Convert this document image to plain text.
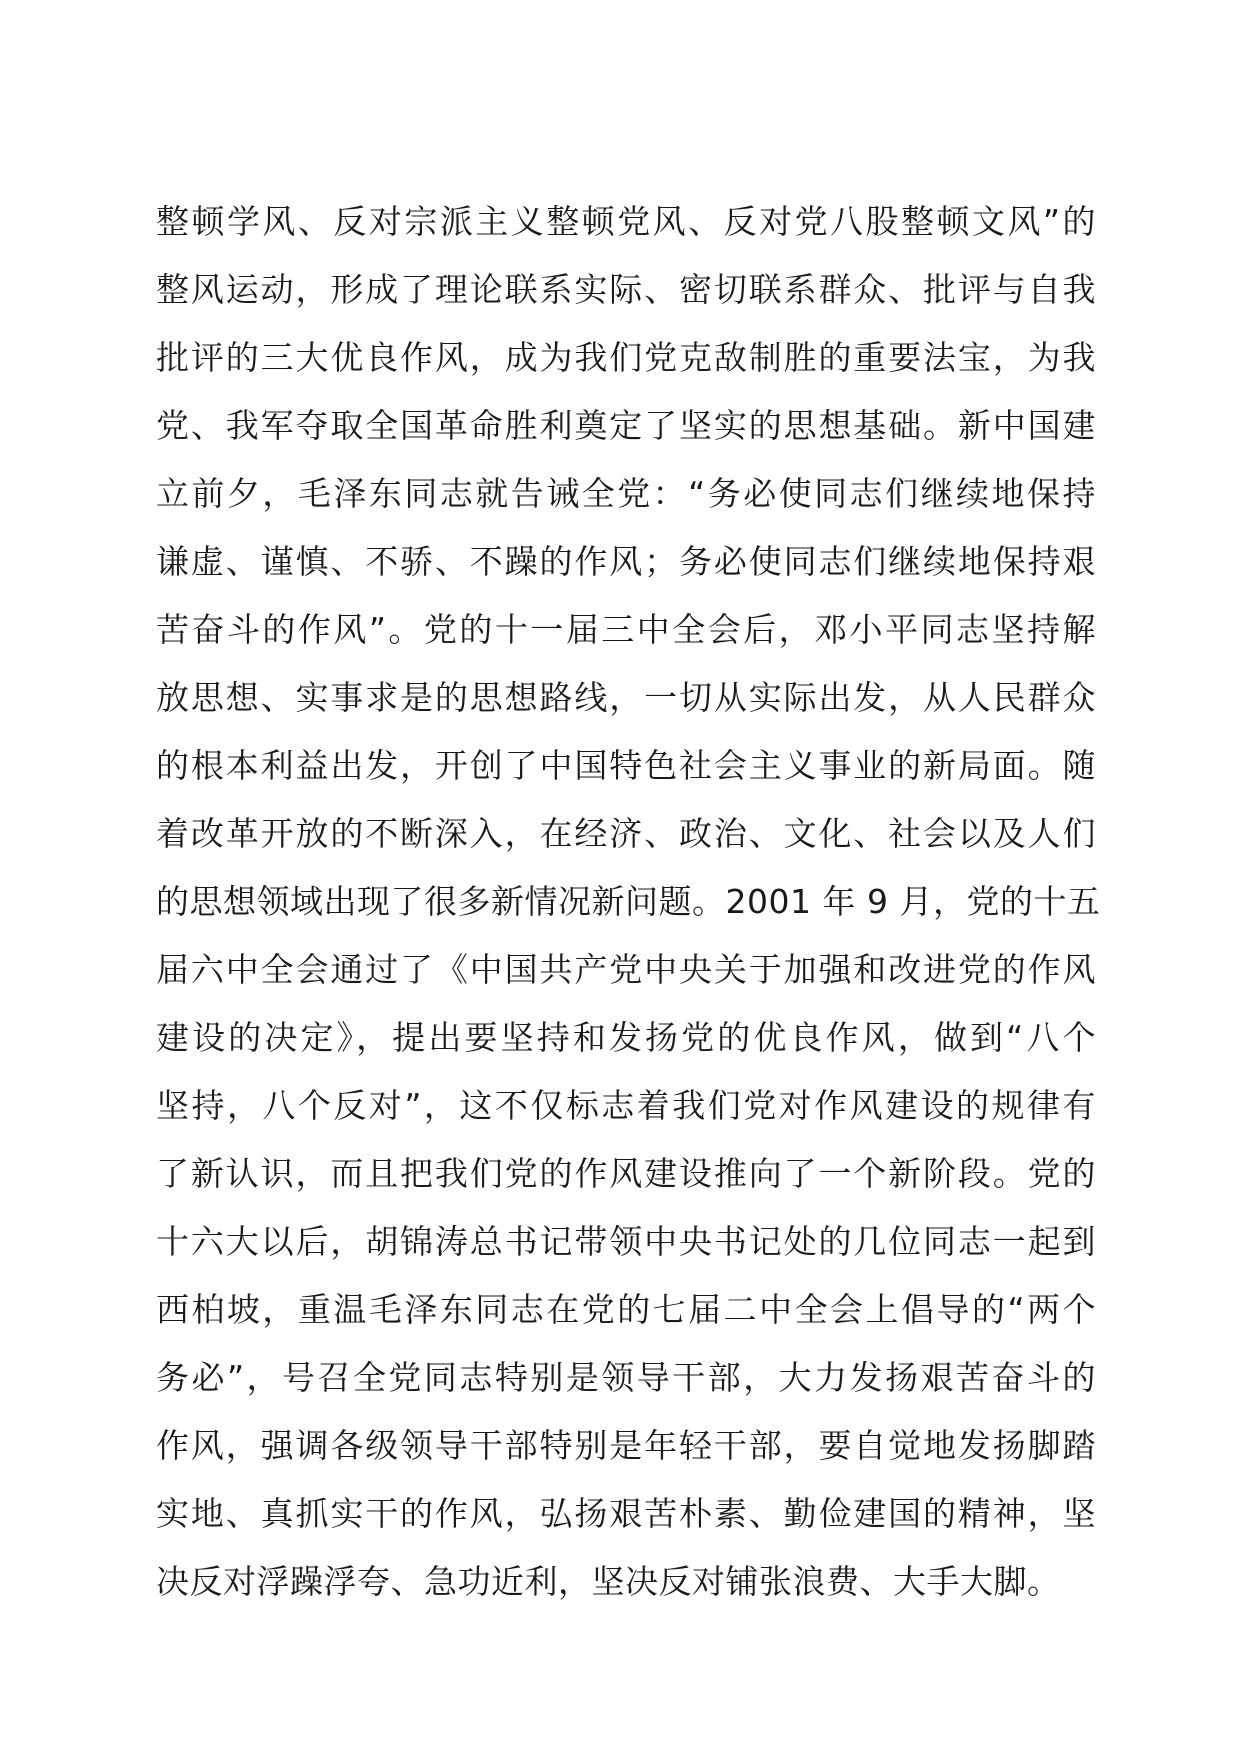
整顿学风、反对宗派主义整顿党风、反对党八股整顿文风”的
整风运动，形成了理论联系实际、密切联系群众、批评与自我
批评的三大优良作风，成为我们党克敌制胜的重要法宝，为我
党、我军夺取全国革命胜利奠定了坚实的思想基础。新中国建
立前夕，毛泽东同志就告诫全党：“务必使同志们继续地保持
谦虚、谨慎、不骄、不躁的作风；务必使同志们继续地保持艰
苦奋斗的作风”。党的十一届三中全会后，邓小平同志坚持解
放思想、实事求是的思想路线，一切从实际出发，从人民群众
的根本利益出发，开创了中国特色社会主义事业的新局面。随
着改革开放的不断深入，在经济、政治、文化、社会以及人们
的思想领域出现了很多新情况新问题。2001 年 9 月，党的十五
届六中全会通过了《中国共产党中央关于加强和改进党的作风
建设的决定》，提出要坚持和发扬党的优良作风，做到“八个
坚持，八个反对”，这不仅标志着我们党对作风建设的规律有
了新认识，而且把我们党的作风建设推向了一个新阶段。党的
十六大以后，胡锦涛总书记带领中央书记处的几位同志一起到
西柏坡，重温毛泽东同志在党的七届二中全会上倡导的“两个
务必”，号召全党同志特别是领导干部，大力发扬艰苦奋斗的
作风，强调各级领导干部特别是年轻干部，要自觉地发扬脚踏
实地、真抓实干的作风，弘扬艰苦朴素、勤俭建国的精神，坚
决反对浮躁浮夸、急功近利，坚决反对铺张浪费、大手大脚。
